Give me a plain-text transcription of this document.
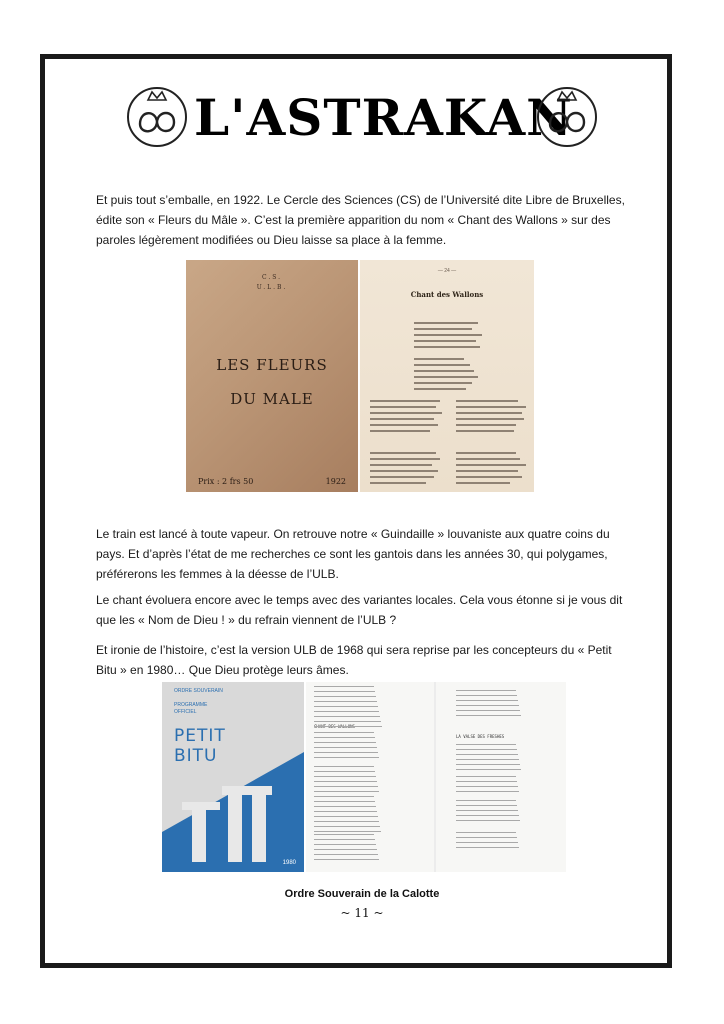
L'ASTRAKAN

Et puis tout s’emballe, en 1922. Le Cercle des Sciences (CS) de l’Université dite Libre de Bruxelles, édite son « Fleurs du Mâle ». C’est la première apparition du nom « Chant des Wallons » sur des paroles légèrement modifiées ou Dieu laisse sa place à la femme.

C.S.
U.L.B.
LES FLEURS
DU MALE
Prix : 2 frs 50	1922
— 24 —
Chant des Wallons

Le train est lancé à toute vapeur. On retrouve notre « Guindaille » louvaniste aux quatre coins du pays. Et d’après l’état de me recherches ce sont les gantois dans les années 30, qui polygames, préférerons les femmes à la déesse de l’ULB.

Le chant évoluera encore avec le temps avec des variantes locales. Cela vous étonne si je vous dit que les « Nom de Dieu ! » du refrain viennent de l’ULB ?

Et ironie de l’histoire, c’est la version ULB de 1968 qui sera reprise par les concepteurs du « Petit Bitu » en 1980… Que Dieu protège leurs âmes.

ORDRE SOUVERAIN
PROGRAMME
OFFICIEL
PETIT
BITU
1980
LA VALSE DES FRESHES
Ordre Souverain de la Calotte
~ 11 ~
